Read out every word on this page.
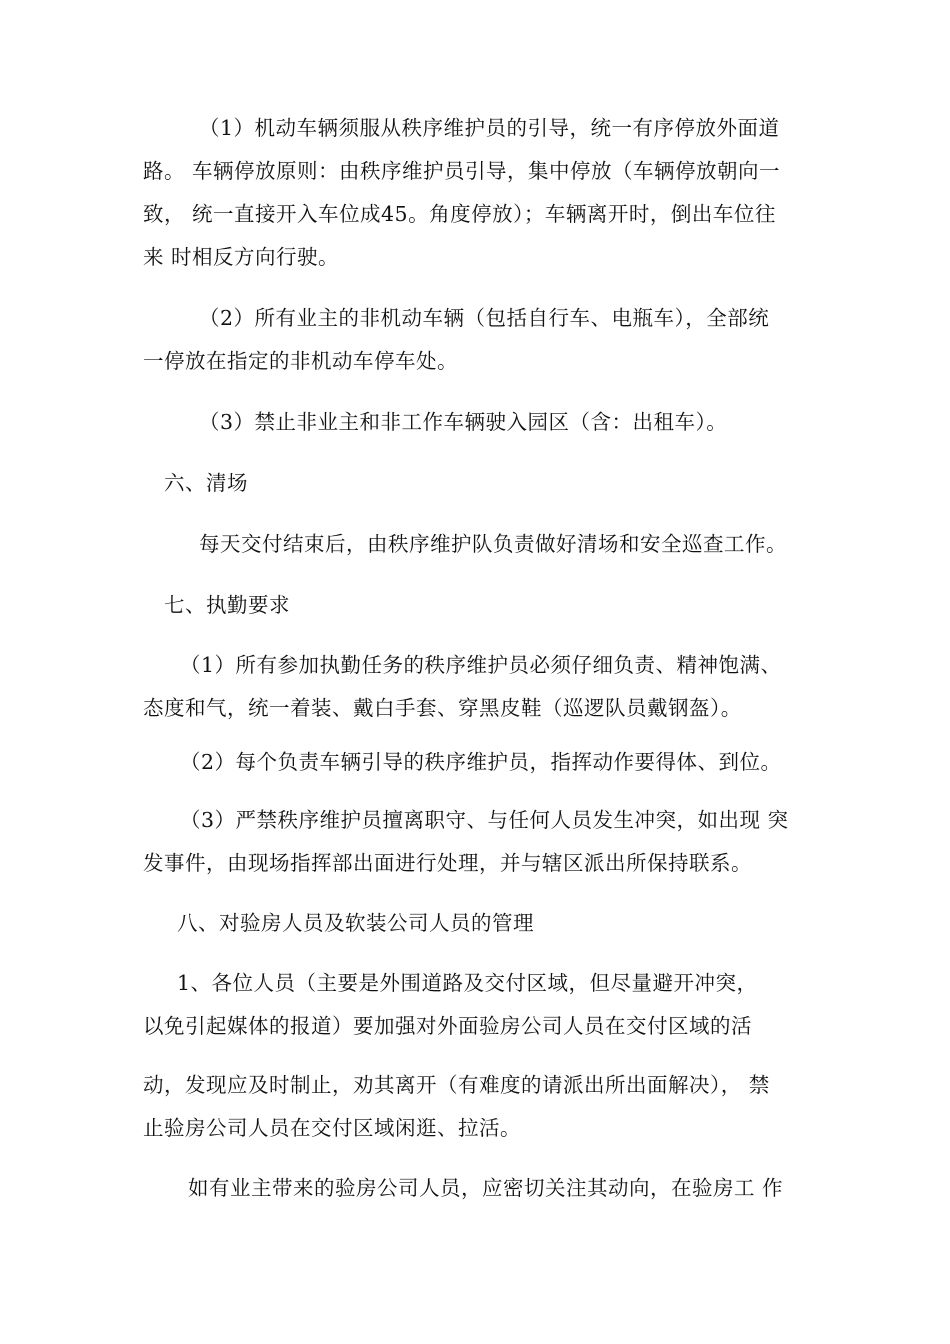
（1）机动车辆须服从秩序维护员的引导，统一有序停放外面道
路。 车辆停放原则：由秩序维护员引导，集中停放（车辆停放朝向一
致， 统一直接开入车位成45。角度停放）；车辆离开时，倒出车位往
来 时相反方向行驶。
（2）所有业主的非机动车辆（包括自行车、电瓶车），全部统
一停放在指定的非机动车停车处。
（3）禁止非业主和非工作车辆驶入园区（含：出租车）。
六、清场
每天交付结束后，由秩序维护队负责做好清场和安全巡查工作。
七、执勤要求
（1）所有参加执勤任务的秩序维护员必须仔细负责、精神饱满、
态度和气，统一着装、戴白手套、穿黑皮鞋（巡逻队员戴钢盔）。
（2）每个负责车辆引导的秩序维护员，指挥动作要得体、到位。
（3）严禁秩序维护员擅离职守、与任何人员发生冲突，如出现 突
发事件，由现场指挥部出面进行处理，并与辖区派出所保持联系。
八、对验房人员及软装公司人员的管理
1、各位人员（主要是外围道路及交付区域，但尽量避开冲突，
以免引起媒体的报道）要加强对外面验房公司人员在交付区域的活
动，发现应及时制止，劝其离开（有难度的请派出所出面解决）， 禁
止验房公司人员在交付区域闲逛、拉活。
如有业主带来的验房公司人员，应密切关注其动向，在验房工 作
